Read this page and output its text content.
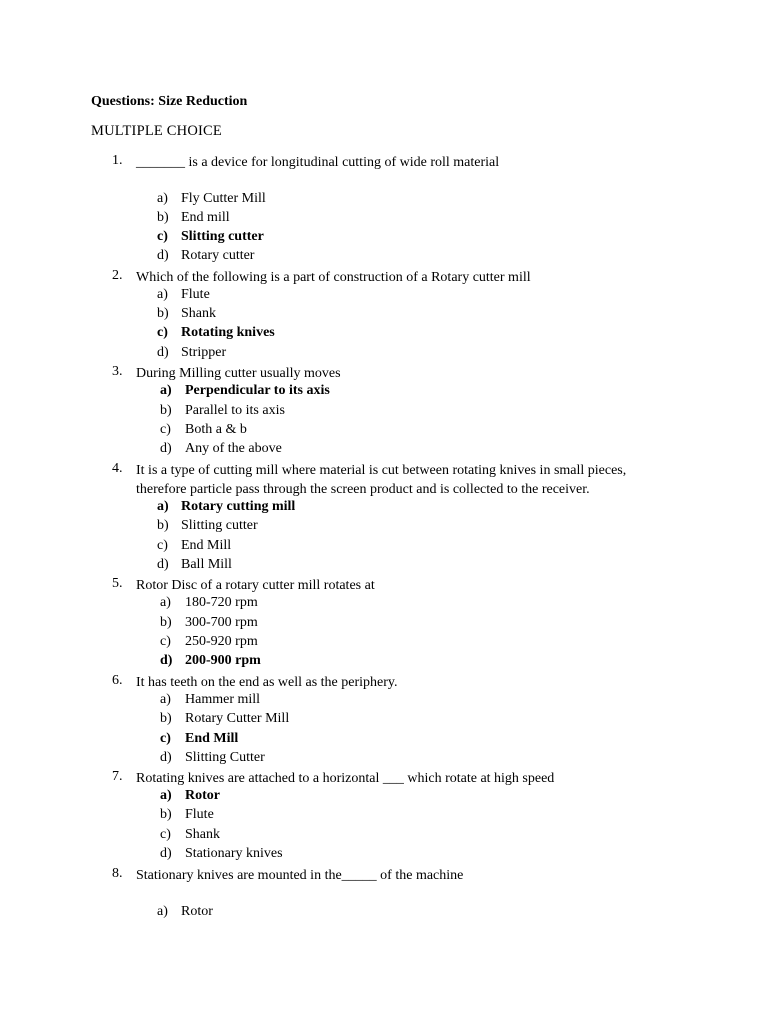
Questions: Size Reduction
MULTIPLE CHOICE
1. _______ is a device for longitudinal cutting of wide roll material
a) Fly Cutter Mill
b) End mill
c) Slitting cutter
d) Rotary cutter
2. Which of the following is a part of construction of a Rotary cutter mill
a) Flute
b) Shank
c) Rotating knives
d) Stripper
3. During Milling cutter usually moves
a) Perpendicular to its axis
b) Parallel to its axis
c) Both a & b
d) Any of the above
4. It is a type of cutting mill where material is cut between rotating knives in small pieces,
therefore particle pass through the screen product and is collected to the receiver.
a) Rotary cutting mill
b) Slitting cutter
c) End Mill
d) Ball Mill
5. Rotor Disc of a rotary cutter mill rotates at
a) 180-720 rpm
b) 300-700 rpm
c) 250-920 rpm
d) 200-900 rpm
6. It has teeth on the end as well as the periphery.
a) Hammer mill
b) Rotary Cutter Mill
c) End Mill
d) Slitting Cutter
7. Rotating knives are attached to a horizontal ___ which rotate at high speed
a) Rotor
b) Flute
c) Shank
d) Stationary knives
8. Stationary knives are mounted in the_____ of the machine
a) Rotor
